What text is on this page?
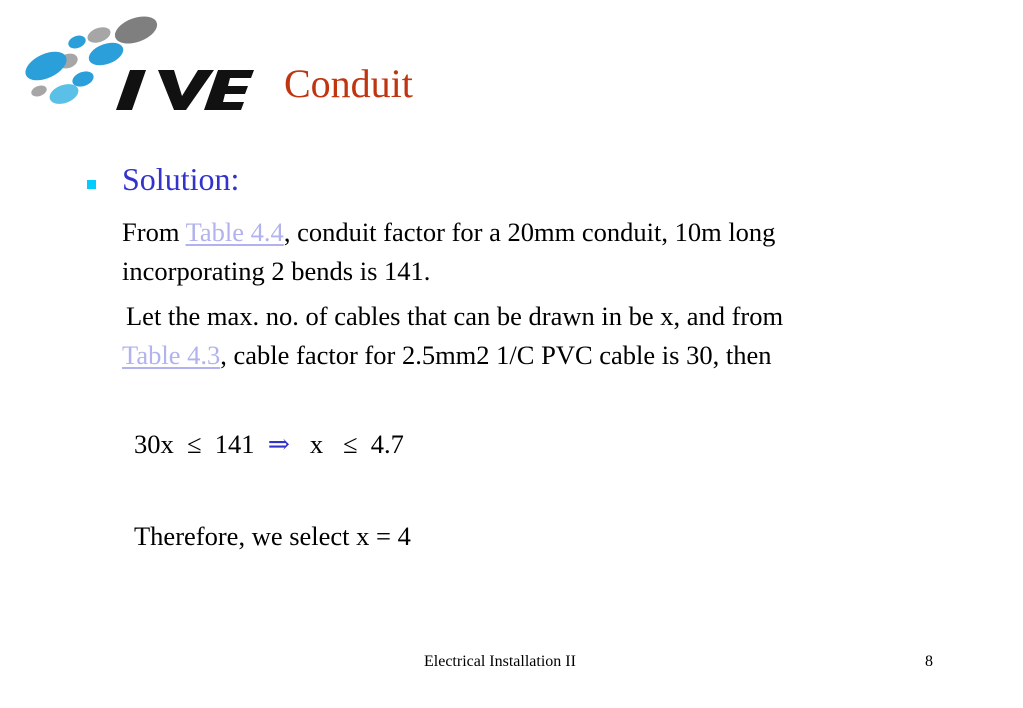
Conduit
Solution:
From Table 4.4, conduit factor for a 20mm conduit, 10m long
incorporating 2 bends is 141.
Let the max. no. of cables that can be drawn in be x, and from
Table 4.3, cable factor for 2.5mm2 1/C PVC cable is 30, then
30x  ≤  141  ⇒   x   ≤  4.7
Therefore, we select x = 4
Electrical Installation II	8
